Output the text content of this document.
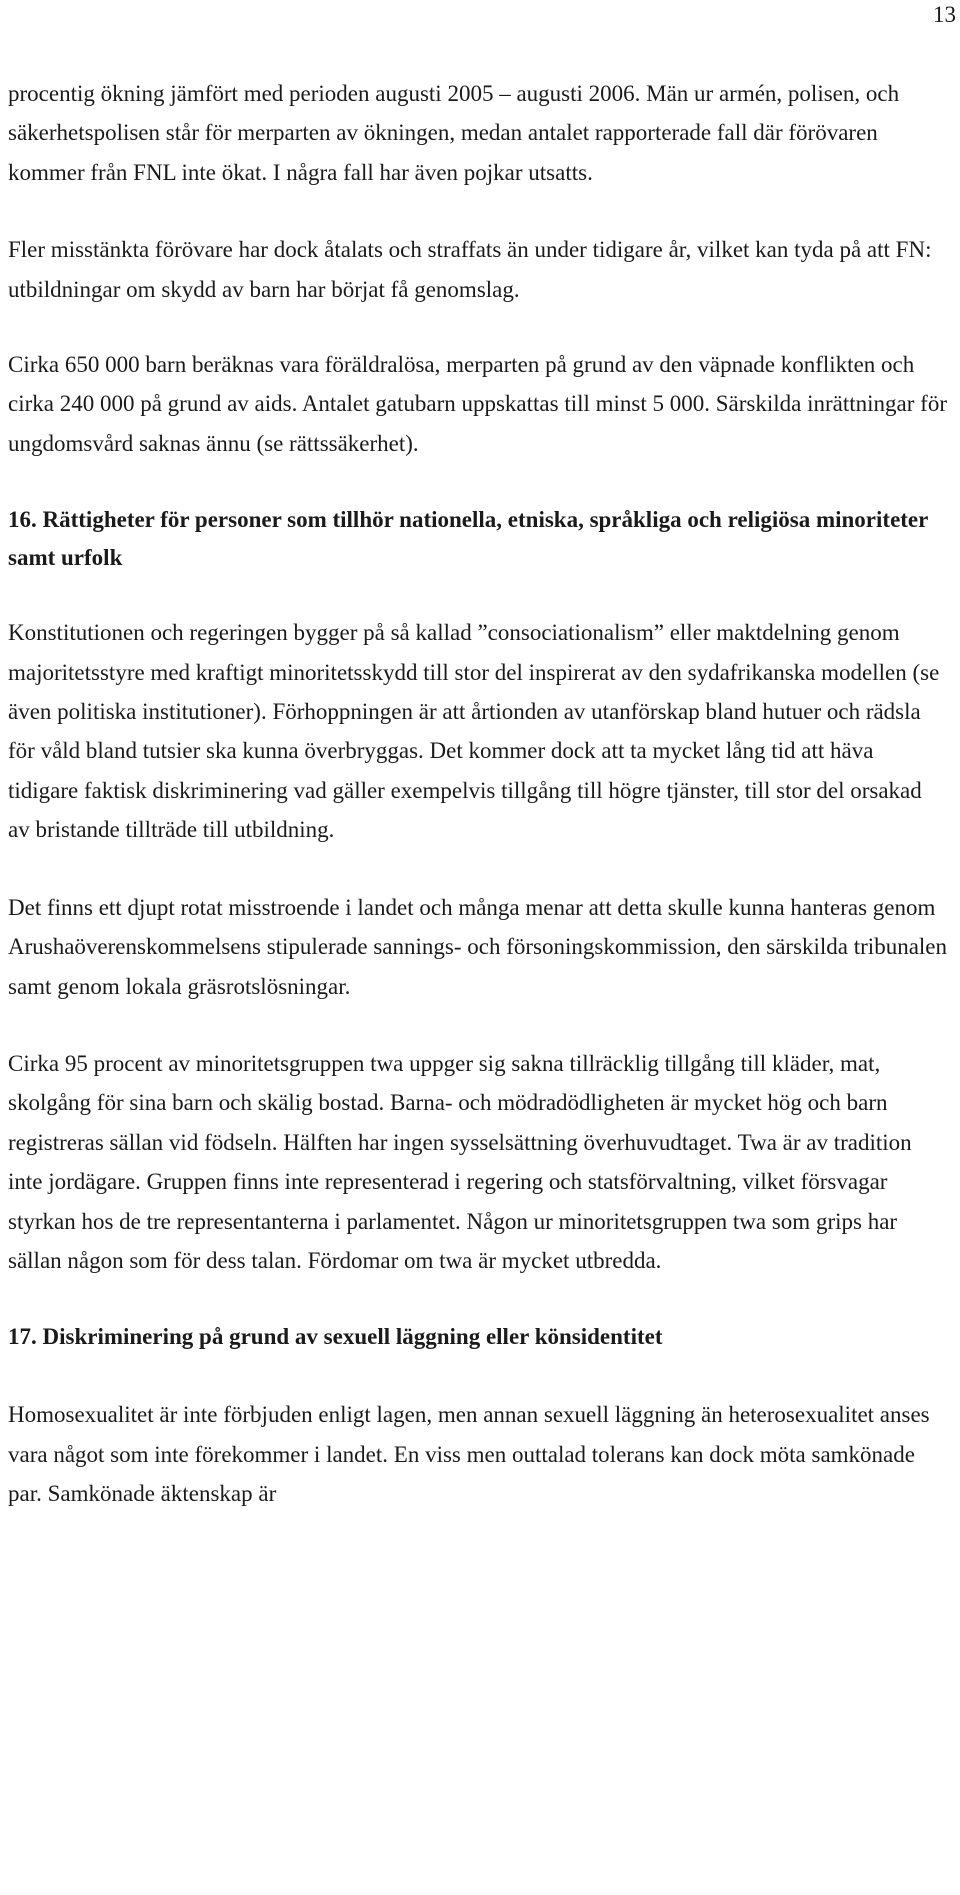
13

procentig ökning jämfört med perioden augusti 2005 – augusti 2006. Män ur armén, polisen, och säkerhetspolisen står för merparten av ökningen, medan antalet rapporterade fall där förövaren kommer från FNL inte ökat. I några fall har även pojkar utsatts.

Fler misstänkta förövare har dock åtalats och straffats än under tidigare år, vilket kan tyda på att FN: utbildningar om skydd av barn har börjat få genomslag.

Cirka 650 000 barn beräknas vara föräldralösa, merparten på grund av den väpnade konflikten och cirka 240 000 på grund av aids. Antalet gatubarn uppskattas till minst 5 000. Särskilda inrättningar för ungdomsvård saknas ännu (se rättssäkerhet).

16. Rättigheter för personer som tillhör nationella, etniska, språkliga och religiösa minoriteter samt urfolk

Konstitutionen och regeringen bygger på så kallad ”consociationalism” eller maktdelning genom majoritetsstyre med kraftigt minoritetsskydd till stor del inspirerat av den sydafrikanska modellen (se även politiska institutioner). Förhoppningen är att årtionden av utanförskap bland hutuer och rädsla för våld bland tutsier ska kunna överbryggas. Det kommer dock att ta mycket lång tid att häva tidigare faktisk diskriminering vad gäller exempelvis tillgång till högre tjänster, till stor del orsakad av bristande tillträde till utbildning.

Det finns ett djupt rotat misstroende i landet och många menar att detta skulle kunna hanteras genom Arushaöverenskommelsens stipulerade sannings- och försoningskommission, den särskilda tribunalen samt genom lokala gräsrotslösningar.

Cirka 95 procent av minoritetsgruppen twa uppger sig sakna tillräcklig tillgång till kläder, mat, skolgång för sina barn och skälig bostad. Barna- och mödradödligheten är mycket hög och barn registreras sällan vid födseln. Hälften har ingen sysselsättning överhuvudtaget. Twa är av tradition inte jordägare. Gruppen finns inte representerad i regering och statsförvaltning, vilket försvagar styrkan hos de tre representanterna i parlamentet. Någon ur minoritetsgruppen twa som grips har sällan någon som för dess talan. Fördomar om twa är mycket utbredda.

17. Diskriminering på grund av sexuell läggning eller könsidentitet

Homosexualitet är inte förbjuden enligt lagen, men annan sexuell läggning än heterosexualitet anses vara något som inte förekommer i landet. En viss men outtalad tolerans kan dock möta samkönade par. Samkönade äktenskap är
